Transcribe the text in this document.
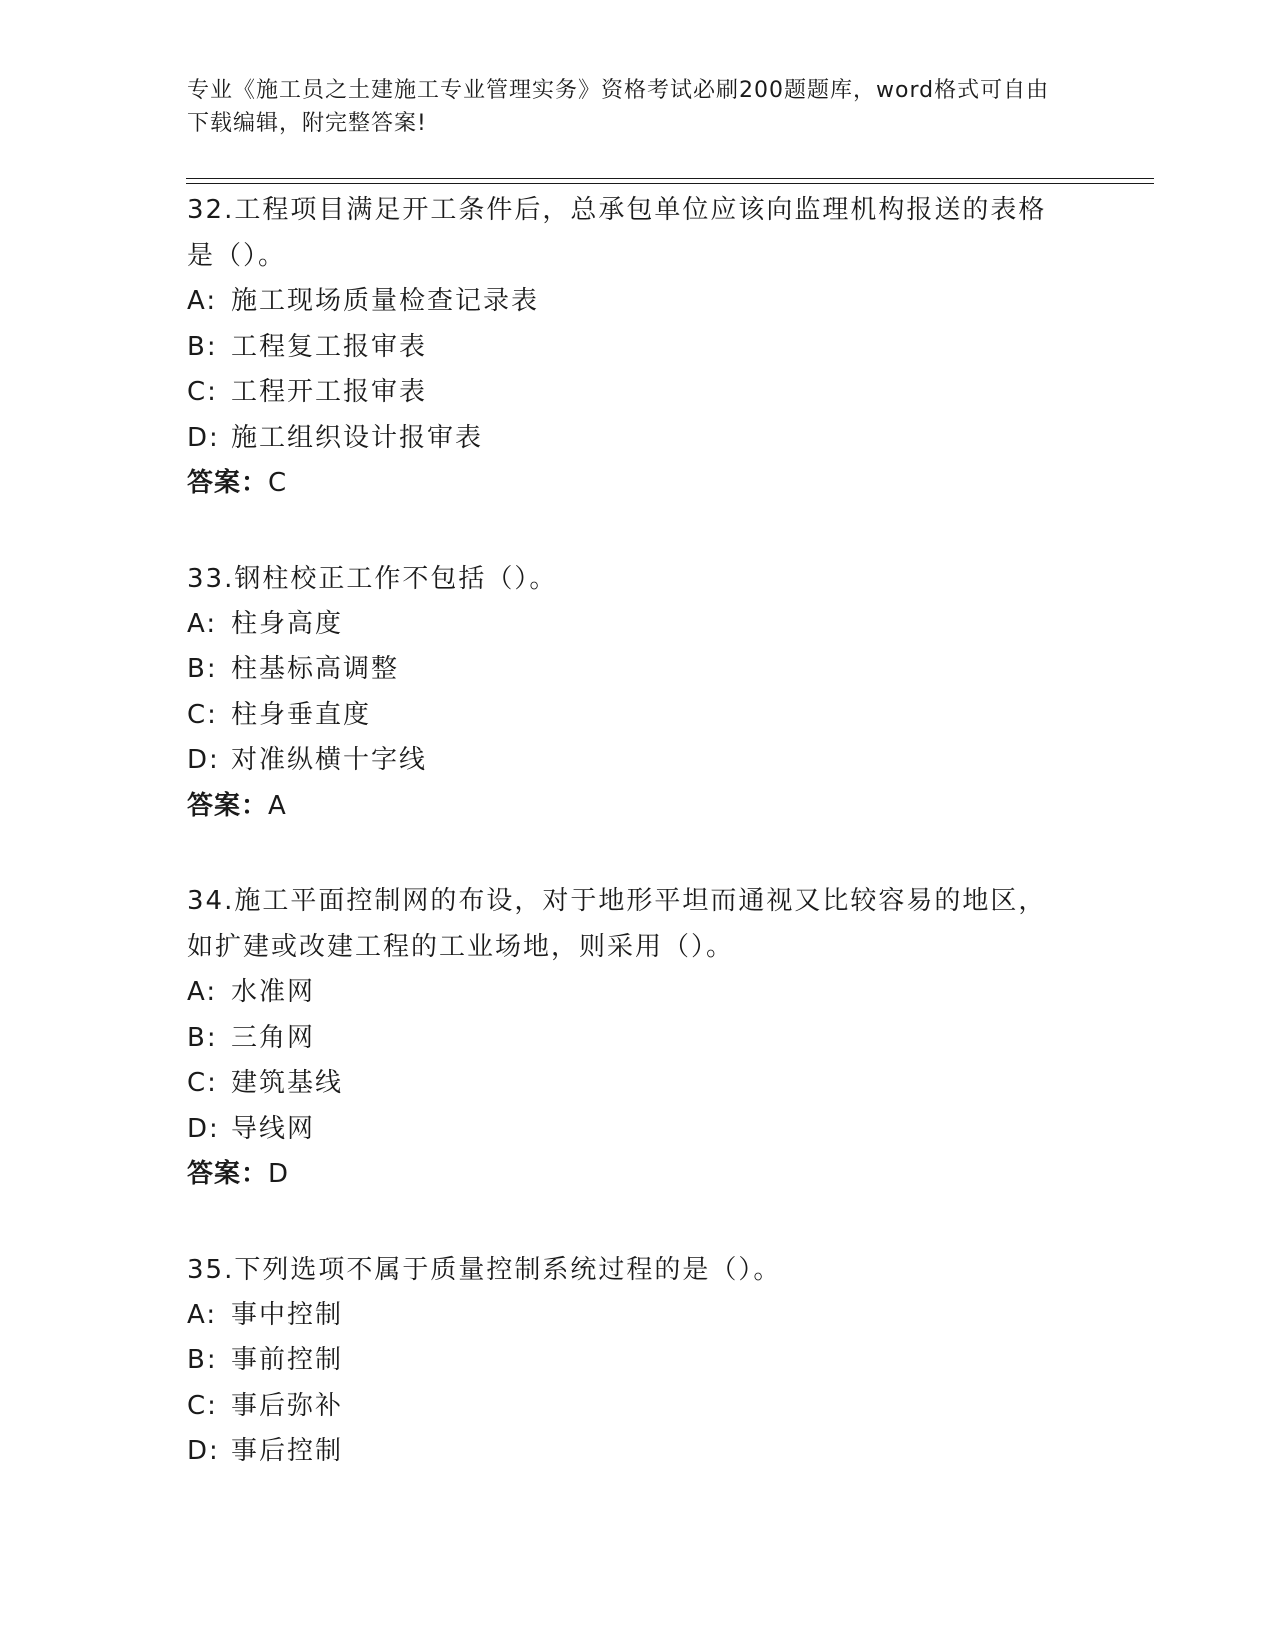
专业《施工员之土建施工专业管理实务》资格考试必刷200题题库，word格式可自由下载编辑，附完整答案!
32.工程项目满足开工条件后，总承包单位应该向监理机构报送的表格是（）。
A: 施工现场质量检查记录表
B: 工程复工报审表
C: 工程开工报审表
D: 施工组织设计报审表
答案：C
33.钢柱校正工作不包括（）。
A: 柱身高度
B: 柱基标高调整
C: 柱身垂直度
D: 对准纵横十字线
答案：A
34.施工平面控制网的布设，对于地形平坦而通视又比较容易的地区，如扩建或改建工程的工业场地，则采用（）。
A: 水准网
B: 三角网
C: 建筑基线
D: 导线网
答案：D
35.下列选项不属于质量控制系统过程的是（）。
A: 事中控制
B: 事前控制
C: 事后弥补
D: 事后控制
